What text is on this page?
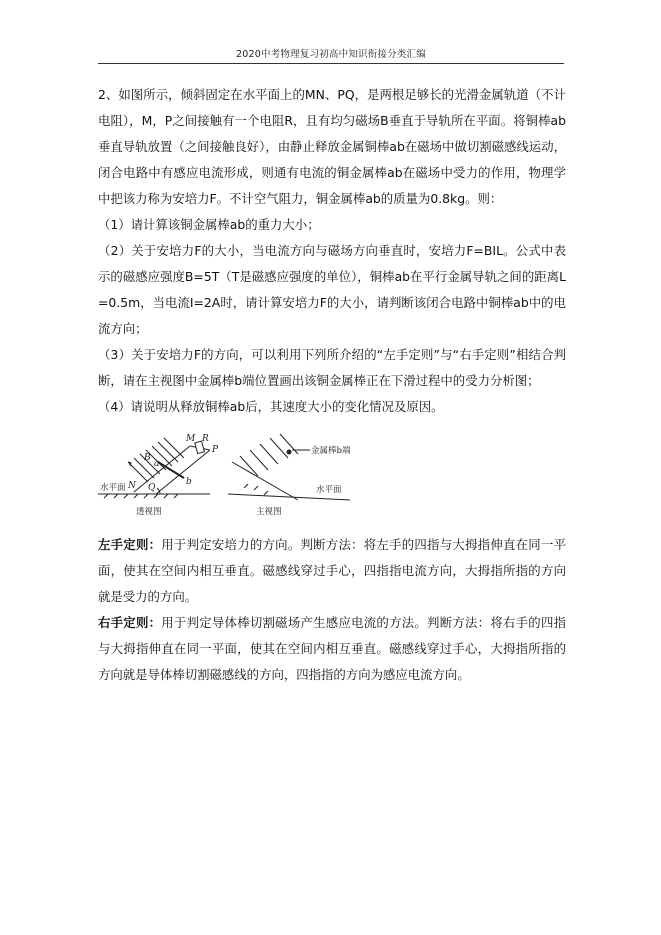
2020中考物理复习初高中知识衔接分类汇编

2、如图所示，倾斜固定在水平面上的MN、PQ，是两根足够长的光滑金属轨道（不计电阻），M，P之间接触有一个电阻R，且有均匀磁场B垂直于导轨所在平面。将铜棒ab垂直导轨放置（之间接触良好），由静止释放金属铜棒ab在磁场中做切割磁感线运动，闭合电路中有感应电流形成，则通有电流的铜金属棒ab在磁场中受力的作用，物理学中把该力称为安培力F。不计空气阻力，铜金属棒ab的质量为0.8kg。则：

（1）请计算该铜金属棒ab的重力大小；

（2）关于安培力F的大小，当电流方向与磁场方向垂直时，安培力F=BIL。公式中表示的磁感应强度B=5T（T是磁感应强度的单位），铜棒ab在平行金属导轨之间的距离L=0.5m，当电流I=2A时，请计算安培力F的大小，请判断该闭合电路中铜棒ab中的电流方向；

（3）关于安培力F的方向，可以利用下列所介绍的“左手定则”与“右手定则”相结合判断，请在主视图中金属棒b端位置画出该铜金属棒正在下滑过程中的受力分析图；

（4）请说明从释放铜棒ab后，其速度大小的变化情况及原因。

B
a
M R
P
N Q
b
水平面
透视图
金属棒b端
水平面
主视图

左手定则：用于判定安培力的方向。判断方法：将左手的四指与大拇指伸直在同一平面，使其在空间内相互垂直。磁感线穿过手心，四指指电流方向，大拇指所指的方向就是受力的方向。

右手定则：用于判定导体棒切割磁场产生感应电流的方法。判断方法：将右手的四指与大拇指伸直在同一平面，使其在空间内相互垂直。磁感线穿过手心，大拇指所指的方向就是导体棒切割磁感线的方向，四指指的方向为感应电流方向。
